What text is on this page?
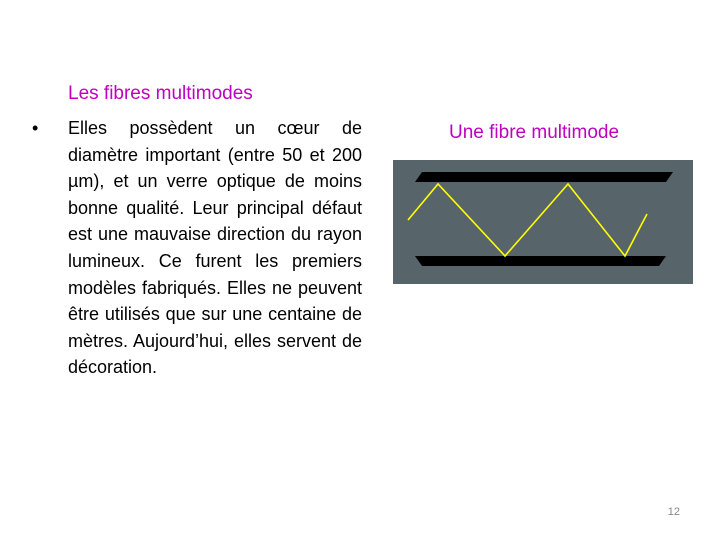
Les fibres multimodes
• Elles possèdent un cœur de diamètre important (entre 50 et 200 µm), et un verre optique de moins bonne qualité. Leur principal défaut est une mauvaise direction du rayon lumineux. Ce furent les premiers modèles fabriqués. Elles ne peuvent être utilisés que sur une centaine de mètres. Aujourd’hui, elles servent de décoration.
Une fibre multimode
12
